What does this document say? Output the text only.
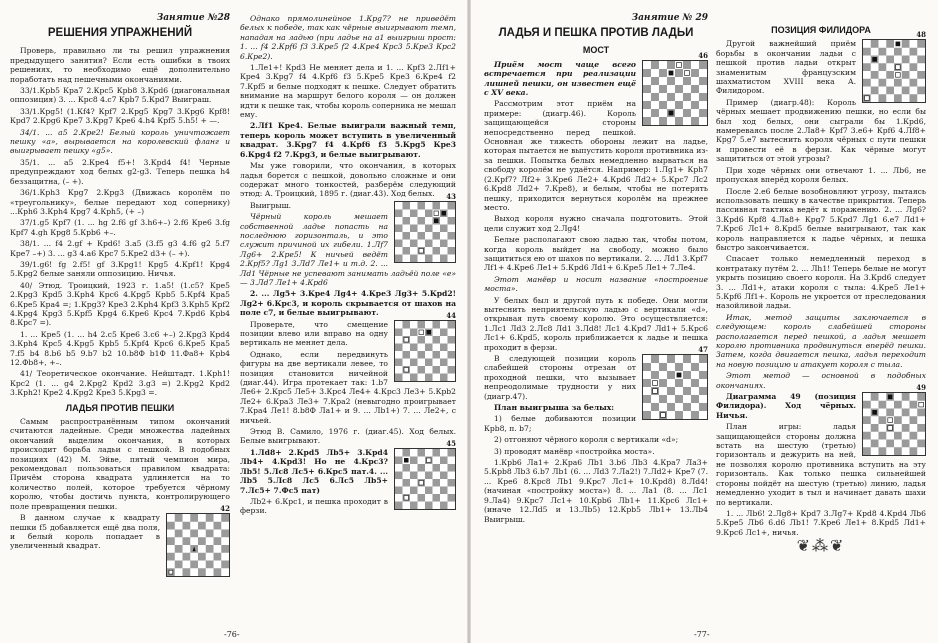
Занятие №28
РЕШЕНИЯ УПРАЖНЕНИЙ

Проверь, правильно ли ты решил упражнения предыдущего занятия? Если есть ошибки в твоих решениях, то необходимо ещё дополнительно поработать над пешечными окончаниями.

33/1.Крb5 Крa7 2.Крc5 Крb8 3.Крd6 (диагональная оппозиция) 3. ... Крc8 4.с7 Крb7 5.Крd7 Выиграш.

33/1.Крg5! (1.Кf4? Крf7 2.Крg5 Крg7 3.Крg6 Крf8! Крd7 2.Крg6 Крe7 3.Крg7 Крe6 4.h4 Крf5 5.h5! + —.

34/1. ... a5 2.Крe2! Белый король уничтожает пешку «a», вырывается на королевский фланг и выигрывает пешку «g5».

35/1. ... a5 2.Крe4 f5+! 3.Крd4 f4! Черные предупреждают ход белых g2-g3. Теперь пешка h4 беззащитна, (– +).

36/1.Крh3 Крg7 2.Крg3 (Движась королём по «треугольнику», белые передают ход сопернику) ...Крh6 3.Крh4 Крg7 4.Крh5, (+ –)

37/1.g5 Крf7 (1. ... hg 2.f6 gf 3.h6+–) 2.f6 Крe6 3.fg Крf7 4.gh Крg8 5.Крb6 +–.

38/1. ... f4 2.gf + Крd6! 3.a5 (3.f5 g3 4.f6 g2 5.f7 Крe7 –+) 3. ... g3 4.a6 Крc7 5.Крe2 d3+ (– +).

39/1.g6! fg 2.f5! gf 3.Крg1! Крg5 4.Крf1! Крg4 5.Крg2 белые заняли оппозицию. Ничья.

40/ Этюд. Троицкий, 1923 г. 1.a5! (1.c5? Крe5 2.Крg3 Крd5 3.Крh4 Крc6 4.Крg5 Крb5 5.Крf4 Крa5 6.Крe5 Крa4 =; 1.Крg3? Крe3 2.Крh4 Крf3 3.Крh5 Крf2 4.Крg4 Крg3 5.Крf5 Крg4 6.Крe6 Крc4 7.Крd6 Крb4 8.Крc7 =).

1. ... Крe5 (1. ... h4 2.c5 Крe6 3.c6 +–) 2.Крg3 Крd4 3.Крh4 Крc5 4.Крg5 Крb5 5.Крf4 Крc6 6.Крe5 Крa5 7.f5 b4 8.b6 b5 9.b7 b2 10.b8Ф b1Ф 11.Фa8+ Крb4 12.Фb8+, +–.

41/ Теоретическое окончание. Нейштадт. 1.Крh1! Крc2 (1. ... g4 2.Крg2 Крd2 3.g3 =) 2.Крg2 Крd2 3.Крh2! Крe2 4.Крg2 Крe3 5.Крg3 =.

ЛАДЬЯ ПРОТИВ ПЕШКИ

Самым распространённым типом окончаний считаются ладейные. Среди множества ладейных окончаний выделим окончания, в которых происходит борьба ладьи с пешкой. В подобных позициях (42) М. Эйве, пятый чемпион мира, рекомендовал пользоваться правилом квадрата: Причём сторона квадрата удлиняется на то количество полей, которое требуется чёрному королю, чтобы достичь пункта, контролирующего поле превращения пешки.	42

В данном случае к квадрату пешки f5 добавляется ещё два поля, и белый король попадает в увеличенный квадрат.

Однако прямолинейное 1.Крg7? не приведёт белых к победе, так как чёрные выигрывают темп, нападая на ладью (при ладье на a1 выигрыш прост: 1. ... f4 2.Крf6 f3 3.Крe5 f2 4.Крe4 Крc3 5.Крe3 Крc2 6.Крe2).

1.Лe1+! Крd3 Не меняет дела и 1. ... Крf3 2.Лf1+ Крe4 3.Крg7 f4 4.Крf6 f3 5.Крe5 Крe3 6.Крe4 f2 7.Крf5 и белые подходят к пешке. Следует обратить внимание на маршрут белого короля — он должен идти к пешке так, чтобы король соперника не мешал ему.

2.Лf1 Крe4. Белые выиграли важный темп, теперь король может вступить в увеличенный квадрат. 3.Крg7 f4 4.Крf6 f3 5.Крg5 Крe3 6.Крg4 f2 7.Крg3, и белые выигрывают.

Мы уже говорили, что окончания, в которых ладья борется с пешкой, довольно сложные и они содержат много тонкостей, разберём следующий этюд: А. Троицкий, 1895 г. (диаг.43). Ход белых.	43

Выигрыш.

Чёрный король мешает собственной ладье попасть на последнюю горизонталь, и это служит причиной их гибели. 1.Лf7 Лg6+ 2.Крe5! К ничьей ведёт 2.Крf5? Лg1 3.Лd7 Лe1+ и т.д. 2. ... Лd1 Чёрные не успевают занимать ладьёй поле «e» — 3.Лd7 Лe1+ 4.Крd6

2. ... Лg5+ 3.Крe4 Лg4+ 4.Крe3 Лg3+ 5.Крd2! Лg2+ 6.Крc3, и король скрывается от шахов на поле c7, и белые выигрывают.	44

Проверьте, что смещение позиции влево или вправо на одну вертикаль не меняет дела.

Однако, если передвинуть фигуры на две вертикали левее, то позиция становится ничейной (диаг.44). Игра протекает так: 1.b7 Лe6+ 2.Крc5 Лe5+ 3.Крc4 Лe4+ 4.Крc3 Лe3+ 5.Крb2 Лe2+ 6.Крa3 Лe3+ 7.Крa2 (невыгодно проигрывает 7.Крa4 Лe1! 8.b8Ф Лa1+ и 9. ... Лb1+) 7. ... Лe2+, с ничьей.

Этюд В. Самило, 1976 г. (диаг.45). Ход белых. Белые выигрывают.	45

1.Лd8+ 2.Крd5 Лb5+ 3.Крd4 Лb4+ 4.Крd3! Но не 4.Крc3? Лb5! 5.Лc8 Лc5+ 6.Крc5 пат.4. ... Лb5 5.Лc8 Лc5 6.Лc5 Лb5+ 7.Лc5+ 7.Фс5 пат)

Лb2+ 6.Крc1, и пешка проходит в ферзи.

-76-
Занятие № 29
ЛАДЬЯ И ПЕШКА ПРОТИВ ЛАДЬИ
МОСТ	46

Приём мост чаще всего встречается при реализации лишней пешки, он известен ещё с XV века.

Рассмотрим этот приём на примере: (диагр.46). Король защищающейся стороны непосредственно перед пешкой. Основная же тяжесть обороны лежит на ладье, которая пытается не выпустить короля противника из-за пешки. Попытка белых немедленно вырваться на свободу королём не удаётся. Например: 1.Лg1+ Крh7 (2.Крf7? Лf2+ 3.Крe6 Лe2+ 4.Крd6 Лd2+ 5.Крc7 Лc2 6.Крd8 Лd2+ 7.Крe8), и белым, чтобы не потерять пешку, приходится вернуться королём на прежнее место.

Выход короля нужно сначала подготовить. Этой цели служит ход 2.Лg4!

Белые располагают свою ладью так, чтобы потом, когда король выйдет на свободу, можно было защититься ею от шахов по вертикали. 2. ... Лd1 3.Крf7 Лf1+ 4.Крe6 Лe1+ 5.Крd6 Лd1+ 6.Крe5 Лe1+ 7.Лe4.

Этот манёвр и носит название «построение моста».

У белых был и другой путь к победе. Они могли вытеснить неприятельскую ладью с вертикали «d», открывая путь своему королю. Это осуществляется: 1.Лc1 Лd3 2.Лc8 Лd1 3.Лd8! Лc1 4.Крd7 Лd1+ 5.Крc6 Лc1+ 6.Крd5, король приближается к ладье и пешка проходит в ферзи.	47

В следующей позиции король слабейшей стороны отрезан от проходной пешки, что вызывает непреодолимые трудности у них (диагр.47).

План выигрыша за белых:

1) белые добиваются позиции Крb8, п. b7;

2) отгоняют чёрного короля с вертикали «d»;

3) проводят манёвр «постройка моста».

1.Крb6 Лa1+ 2.Крa6 Лb1 3.b6 Лb3 4.Крa7 Лa3+ 5.Крb8 Лb3 6.b7 Лb1 (6. ... Лd3 7.Лa2!) 7.Лd2+ Крe7 (7. ... Крe6 8.Крc8 Лb1 9.Крc7 Лc1+ 10.Крd8) 8.Лd4! (начиная «постройку моста») 8. ... Лa1 (8. ... Лc1 9.Лa4) 9.Крc7 Лc1+ 10.Крb6 Лb1+ 11.Крc6 Лc1+ (иначе 12.Лd5 и 13.Лb5) 12.Крb5 Лb1+ 13.Лb4 Выигрыш.

ПОЗИЦИЯ ФИЛИДОРА	48

Другой важнейший приём борьбы в окончании ладьи с пешкой против ладьи открыт знаменитым французским шахматистом XVIII века А. Филидором.

Пример (диагр.48): Король чёрных мешает продвижению пешки, но если бы был ход белых, они сыграли бы 1.Крd6, намереваясь после 2.Лa8+ Крf7 3.e6+ Крf6 4.Лf8+ Крg7 5.e7 вытеснить короля чёрных с пути пешки и провести её в ферзи. Как чёрные могут защититься от этой угрозы?

При ходе чёрных они отвечают 1. ... Лb6, не пропуская вперёд короля белых.

После 2.e6 белые возобновляют угрозу, пытаясь использовать пешку в качестве прикрытия. Теперь пассивная тактика ведёт к поражению. 2. ... Лg6? 3.Крd6 Крf8 4.Лa8+ Крg7 5.Крd7 Лg1 6.e7 Лd1+ 7.Крc6 Лc1+ 8.Крd5 белые выигрывают, так как король направляется к ладье чёрных, и пешка быстро закончивается.

Спасает только немедленный переход в контратаку путём 2. ... Лh1! Теперь белые не могут укрыть позицию своего короля. На 3.Крd6 следует 3. ... Лd1+, атаки короля с тыла: 4.Крe5 Лe1+ 5.Крf6 Лf1+. Король не укроется от преследования назойливой ладьи.

Итак, метод защиты заключается в следующем: король слабейшей стороны располагается перед пешкой, а ладья мешает королю противника продвинуться вперёд пешки. Затем, когда двигается пешка, ладья переходит на новую позицию и атакует короля с тыла.

Этот метод — основной в подобных окончаниях.	49

Диаграмма 49 (позиция Филидора). Ход чёрных. Ничья.

План игры: ладья защищающейся стороны должна встать на шестую (третью) горизонталь и дежурить на ней, не позволяя королю противника вступить на эту горизонталь. Как только пешка сильнейшей стороны пойдёт на шестую (третью) линию, ладья немедленно уходит в тыл и начинает давать шахи по вертикали.

1. ... Лb6! 2.Лg8+ Крd7 3.Лg7+ Крd8 4.Крd4 Лb6 5.Крe5 Лb6 6.d6 Лb1! 7.Крe6 Лe1+ 8.Крd5 Лd1+ 9.Крc6 Лc1+, ничья.

❦⁂❦
-77-
